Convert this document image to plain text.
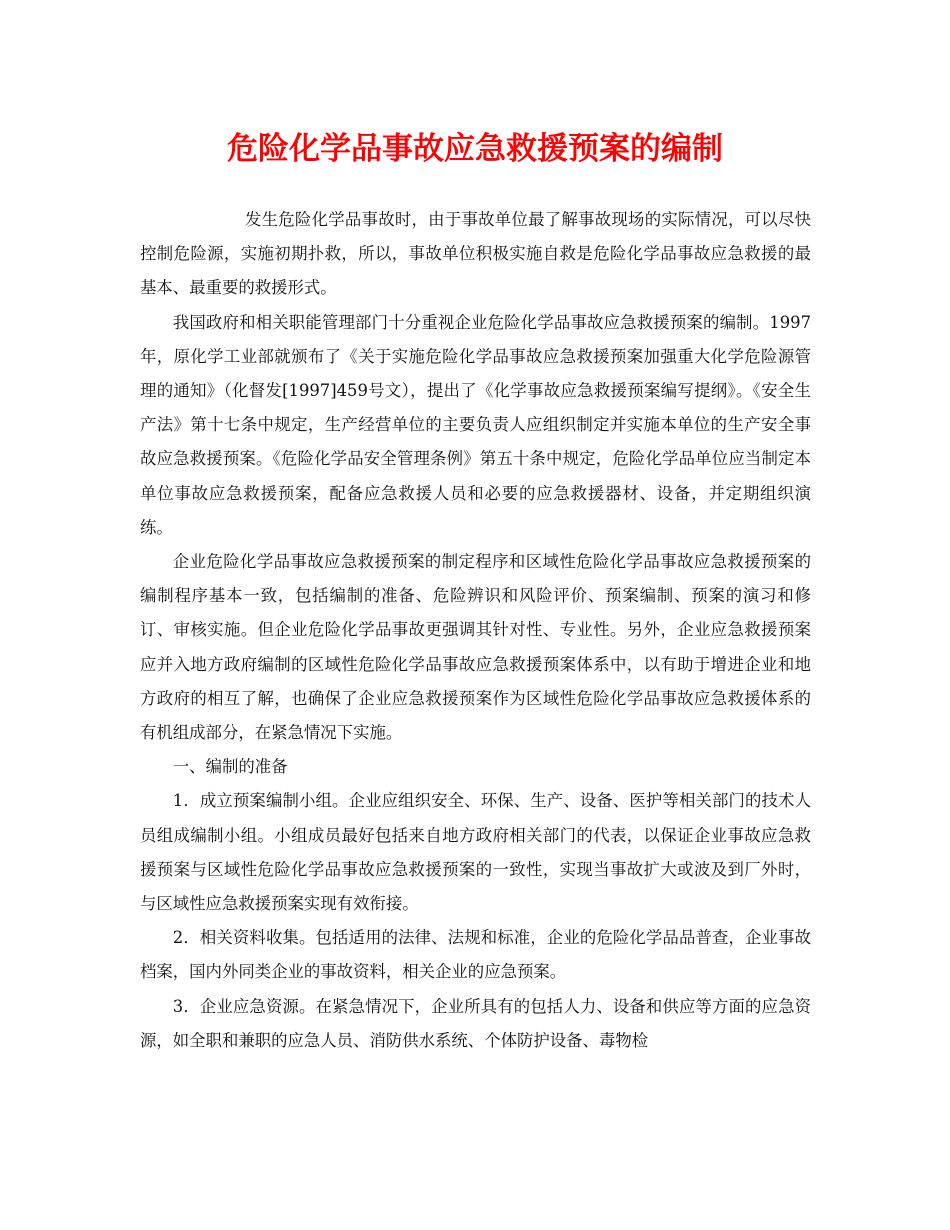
危险化学品事故应急救援预案的编制

发生危险化学品事故时，由于事故单位最了解事故现场的实际情况，可以尽快控制危险源，实施初期扑救，所以，事故单位积极实施自救是危险化学品事故应急救援的最基本、最重要的救援形式。

我国政府和相关职能管理部门十分重视企业危险化学品事故应急救援预案的编制。1997年，原化学工业部就颁布了《关于实施危险化学品事故应急救援预案加强重大化学危险源管理的通知》（化督发[1997]459号文），提出了《化学事故应急救援预案编写提纲》。《安全生产法》第十七条中规定，生产经营单位的主要负责人应组织制定并实施本单位的生产安全事故应急救援预案。《危险化学品安全管理条例》第五十条中规定，危险化学品单位应当制定本单位事故应急救援预案，配备应急救援人员和必要的应急救援器材、设备，并定期组织演练。

企业危险化学品事故应急救援预案的制定程序和区域性危险化学品事故应急救援预案的编制程序基本一致，包括编制的准备、危险辨识和风险评价、预案编制、预案的演习和修订、审核实施。但企业危险化学品事故更强调其针对性、专业性。另外，企业应急救援预案应并入地方政府编制的区域性危险化学品事故应急救援预案体系中，以有助于增进企业和地方政府的相互了解，也确保了企业应急救援预案作为区域性危险化学品事故应急救援体系的有机组成部分，在紧急情况下实施。

一、编制的准备

1．成立预案编制小组。企业应组织安全、环保、生产、设备、医护等相关部门的技术人员组成编制小组。小组成员最好包括来自地方政府相关部门的代表，以保证企业事故应急救援预案与区域性危险化学品事故应急救援预案的一致性，实现当事故扩大或波及到厂外时，与区域性应急救援预案实现有效衔接。

2．相关资料收集。包括适用的法律、法规和标准，企业的危险化学品品普查，企业事故档案，国内外同类企业的事故资料，相关企业的应急预案。

3．企业应急资源。在紧急情况下，企业所具有的包括人力、设备和供应等方面的应急资源，如全职和兼职的应急人员、消防供水系统、个体防护设备、毒物检
